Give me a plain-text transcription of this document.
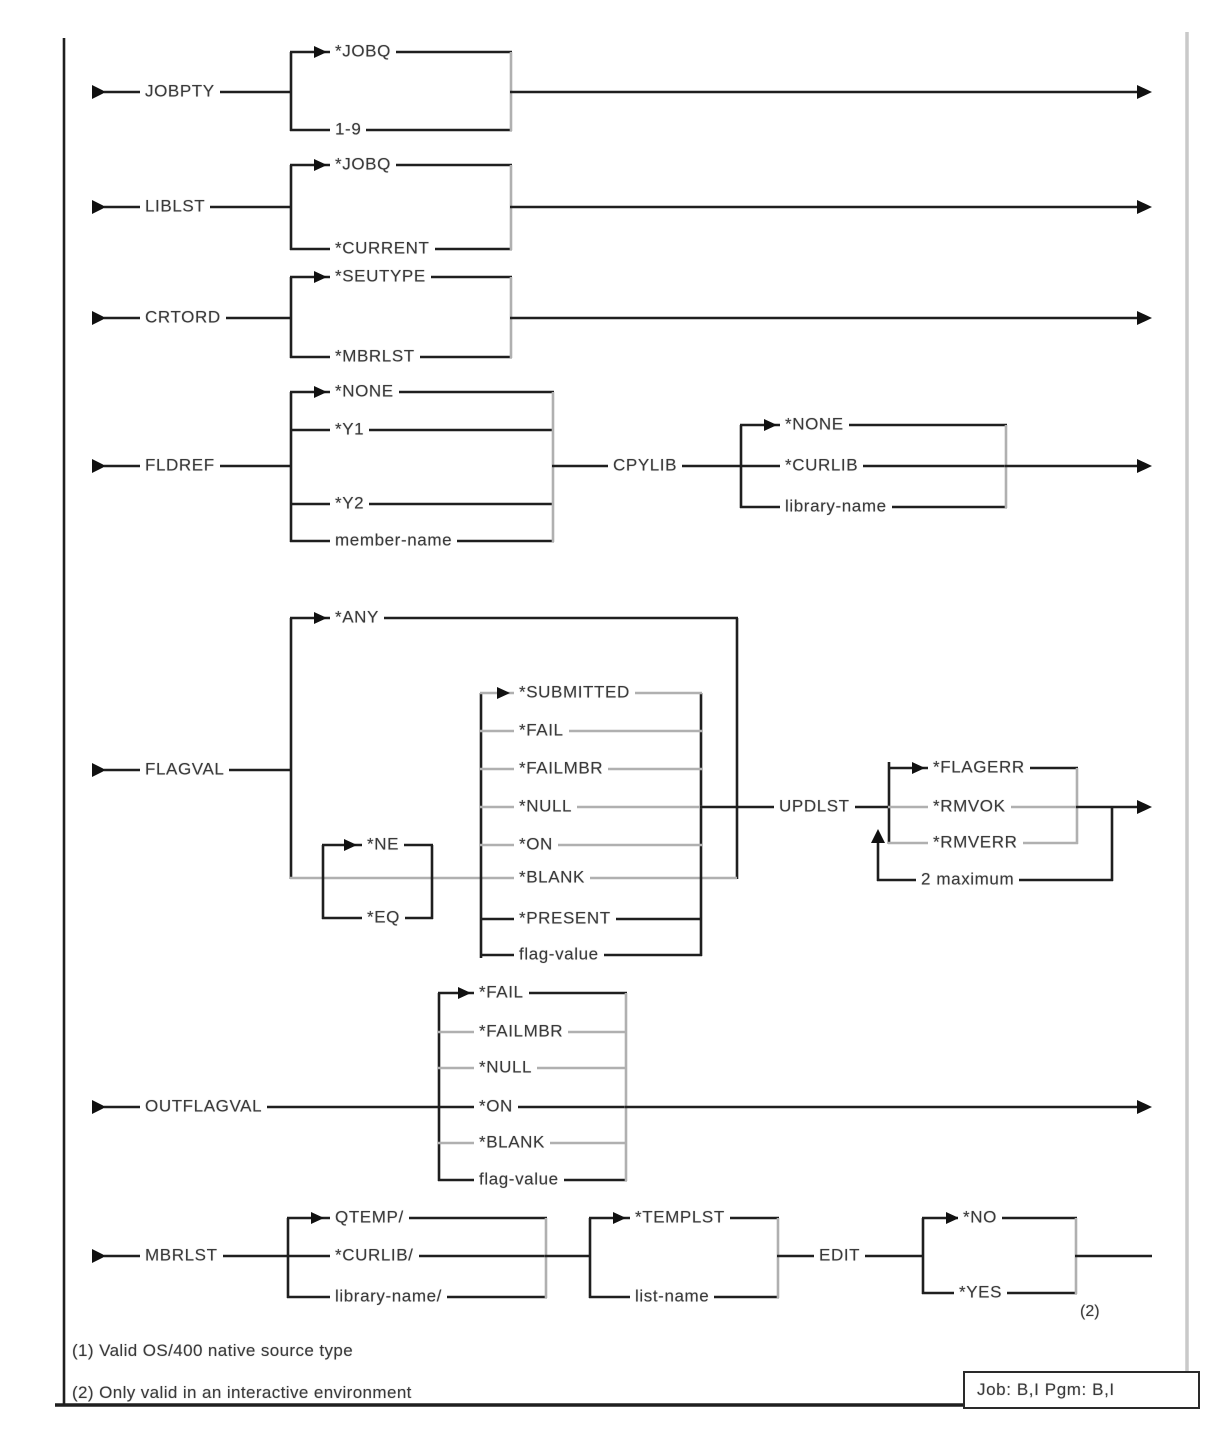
JOBPTY
*JOBQ
1-9
LIBLST
*JOBQ
*CURRENT
CRTORD
*SEUTYPE
*MBRLST
FLDREF
*NONE
*Y1
*Y2
member-name
CPYLIB
*NONE
*CURLIB
library-name
FLAGVAL
*ANY
*NE
*EQ
*SUBMITTED
*FAIL
*FAILMBR
*NULL
*ON
*BLANK
*PRESENT
flag-value
UPDLST
*FLAGERR
*RMVOK
*RMVERR
2 maximum
OUTFLAGVAL
*FAIL
*FAILMBR
*NULL
*ON
*BLANK
flag-value
MBRLST
QTEMP/
*CURLIB/
library-name/
*TEMPLST
list-name
EDIT
*NO
*YES
(2)
(1) Valid OS/400 native source type
(2) Only valid in an interactive environment	Job: B,I Pgm: B,I
